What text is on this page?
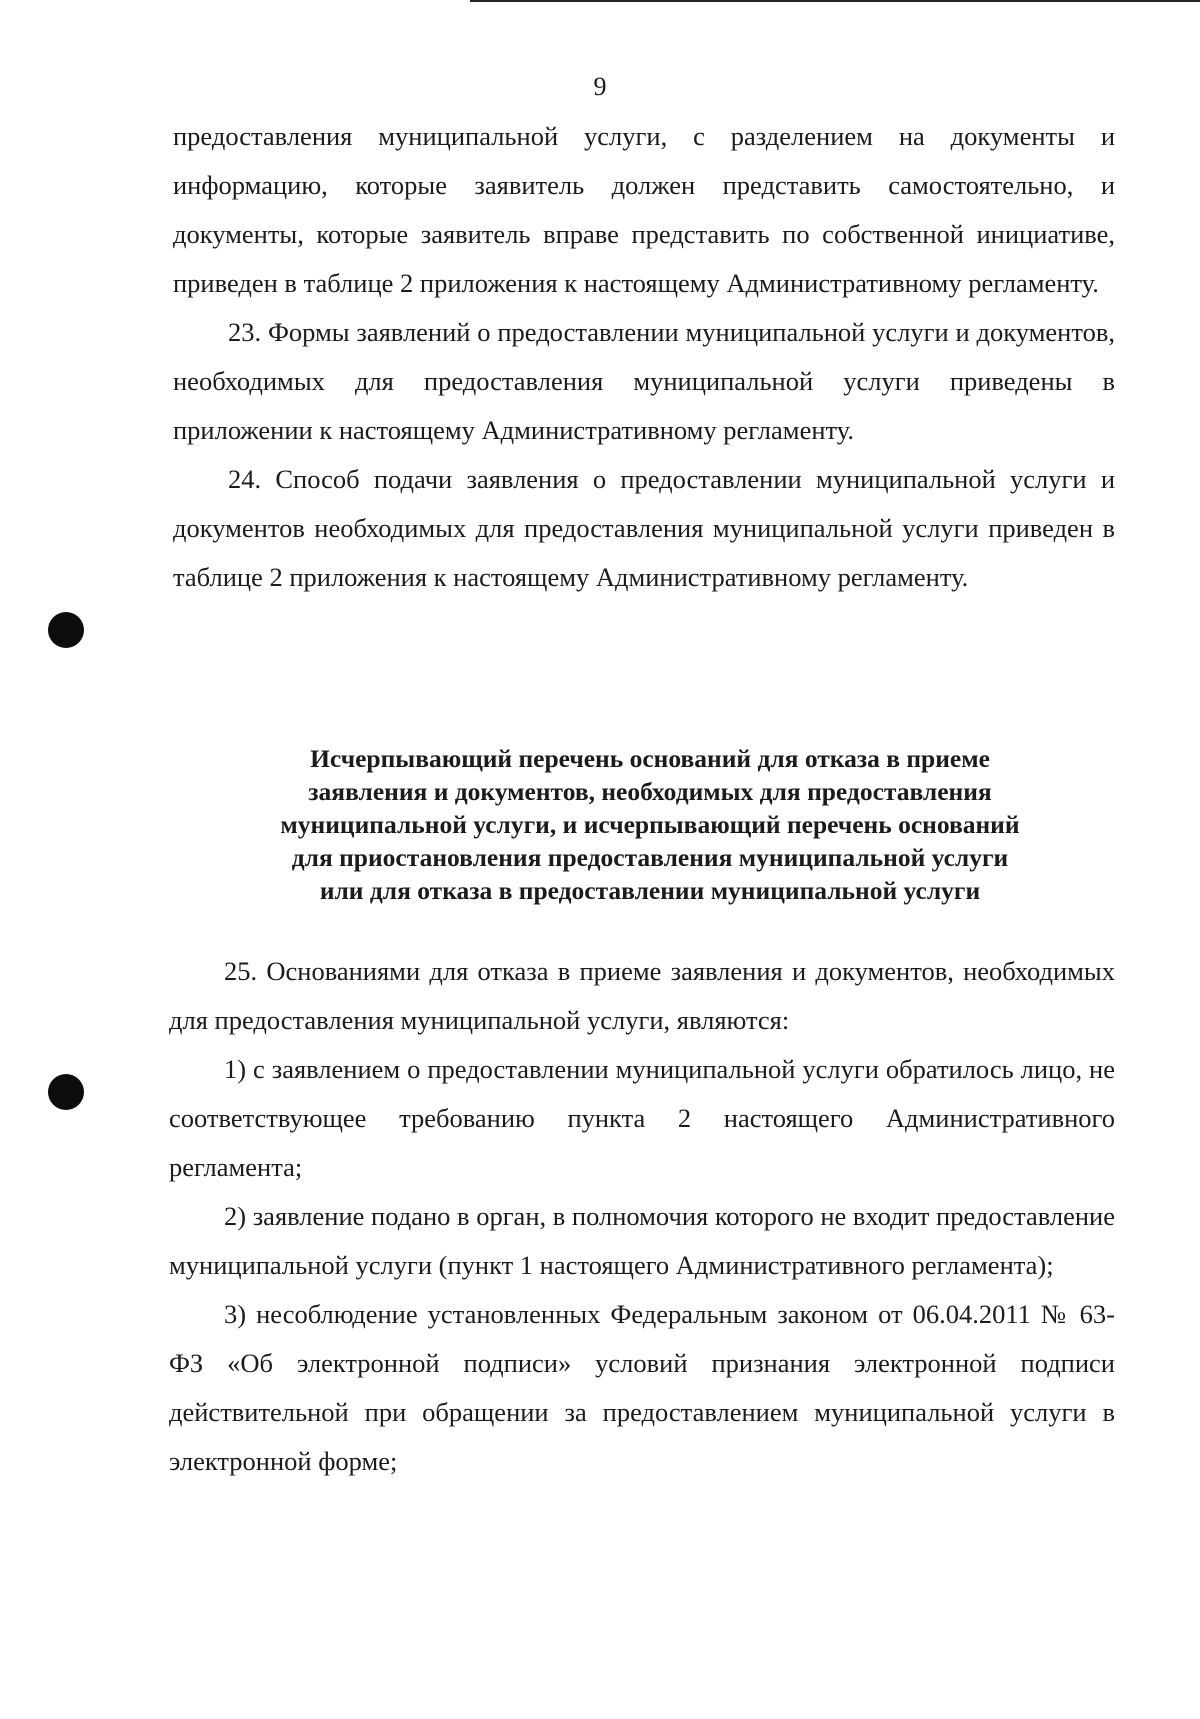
9

предоставления муниципальной услуги, с разделением на документы и информацию, которые заявитель должен представить самостоятельно, и документы, которые заявитель вправе представить по собственной инициативе, приведен в таблице 2 приложения к настоящему Административному регламенту.

23. Формы заявлений о предоставлении муниципальной услуги и документов, необходимых для предоставления муниципальной услуги приведены в приложении к настоящему Административному регламенту.

24. Способ подачи заявления о предоставлении муниципальной услуги и документов необходимых для предоставления муниципальной услуги приведен в таблице 2 приложения к настоящему Административному регламенту.

Исчерпывающий перечень оснований для отказа в приеме
заявления и документов, необходимых для предоставления
муниципальной услуги, и исчерпывающий перечень оснований
для приостановления предоставления муниципальной услуги
или для отказа в предоставлении муниципальной услуги

25. Основаниями для отказа в приеме заявления и документов, необходимых для предоставления муниципальной услуги, являются:

1) с заявлением о предоставлении муниципальной услуги обратилось лицо, не соответствующее требованию пункта 2 настоящего Административного регламента;

2) заявление подано в орган, в полномочия которого не входит предоставление муниципальной услуги (пункт 1 настоящего Административного регламента);

3) несоблюдение установленных Федеральным законом от 06.04.2011 № 63-ФЗ «Об электронной подписи» условий признания электронной подписи действительной при обращении за предоставлением муниципальной услуги в электронной форме;
